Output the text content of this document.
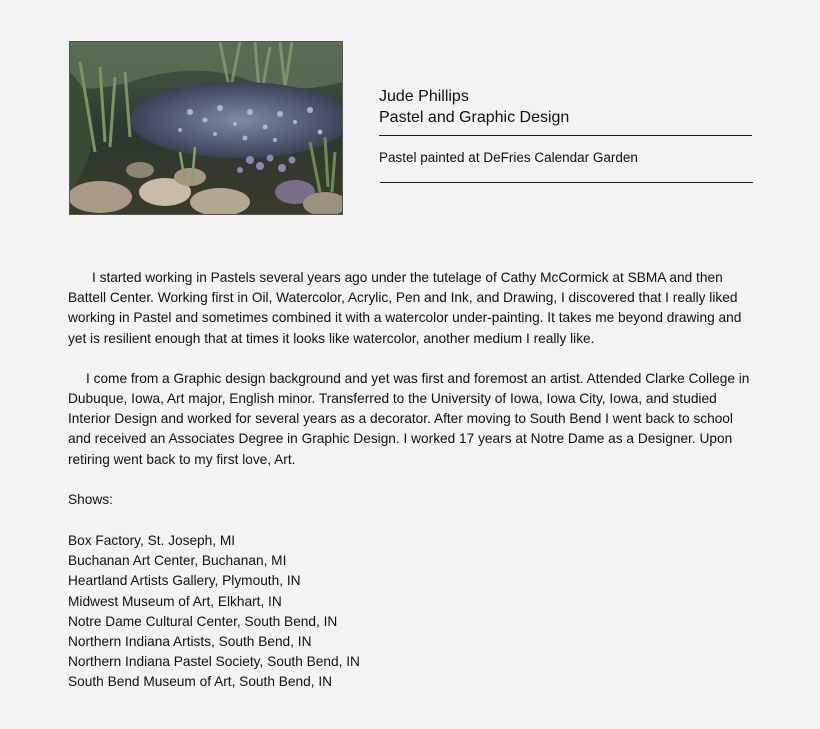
Jude Phillips
Pastel and Graphic Design
Pastel painted at DeFries Calendar Garden

I started working in Pastels several years ago under the tutelage of Cathy McCormick at SBMA and then Battell Center. Working first in Oil, Watercolor, Acrylic, Pen and Ink, and Drawing, I discovered that I really liked working in Pastel and sometimes combined it with a watercolor under-painting. It takes me beyond drawing and yet is resilient enough that at times it looks like watercolor, another medium I really like.

I come from a Graphic design background and yet was first and foremost an artist. Attended Clarke College in Dubuque, Iowa, Art major, English minor. Transferred to the University of Iowa, Iowa City, Iowa, and studied Interior Design and worked for several years as a decorator. After moving to South Bend I went back to school and received an Associates Degree in Graphic Design. I worked 17 years at Notre Dame as a Designer. Upon retiring went back to my first love, Art.

Shows:

Box Factory, St. Joseph, MI
Buchanan Art Center, Buchanan, MI
Heartland Artists Gallery, Plymouth, IN
Midwest Museum of Art, Elkhart, IN
Notre Dame Cultural Center, South Bend, IN
Northern Indiana Artists, South Bend, IN
Northern Indiana Pastel Society, South Bend, IN
South Bend Museum of Art, South Bend, IN
